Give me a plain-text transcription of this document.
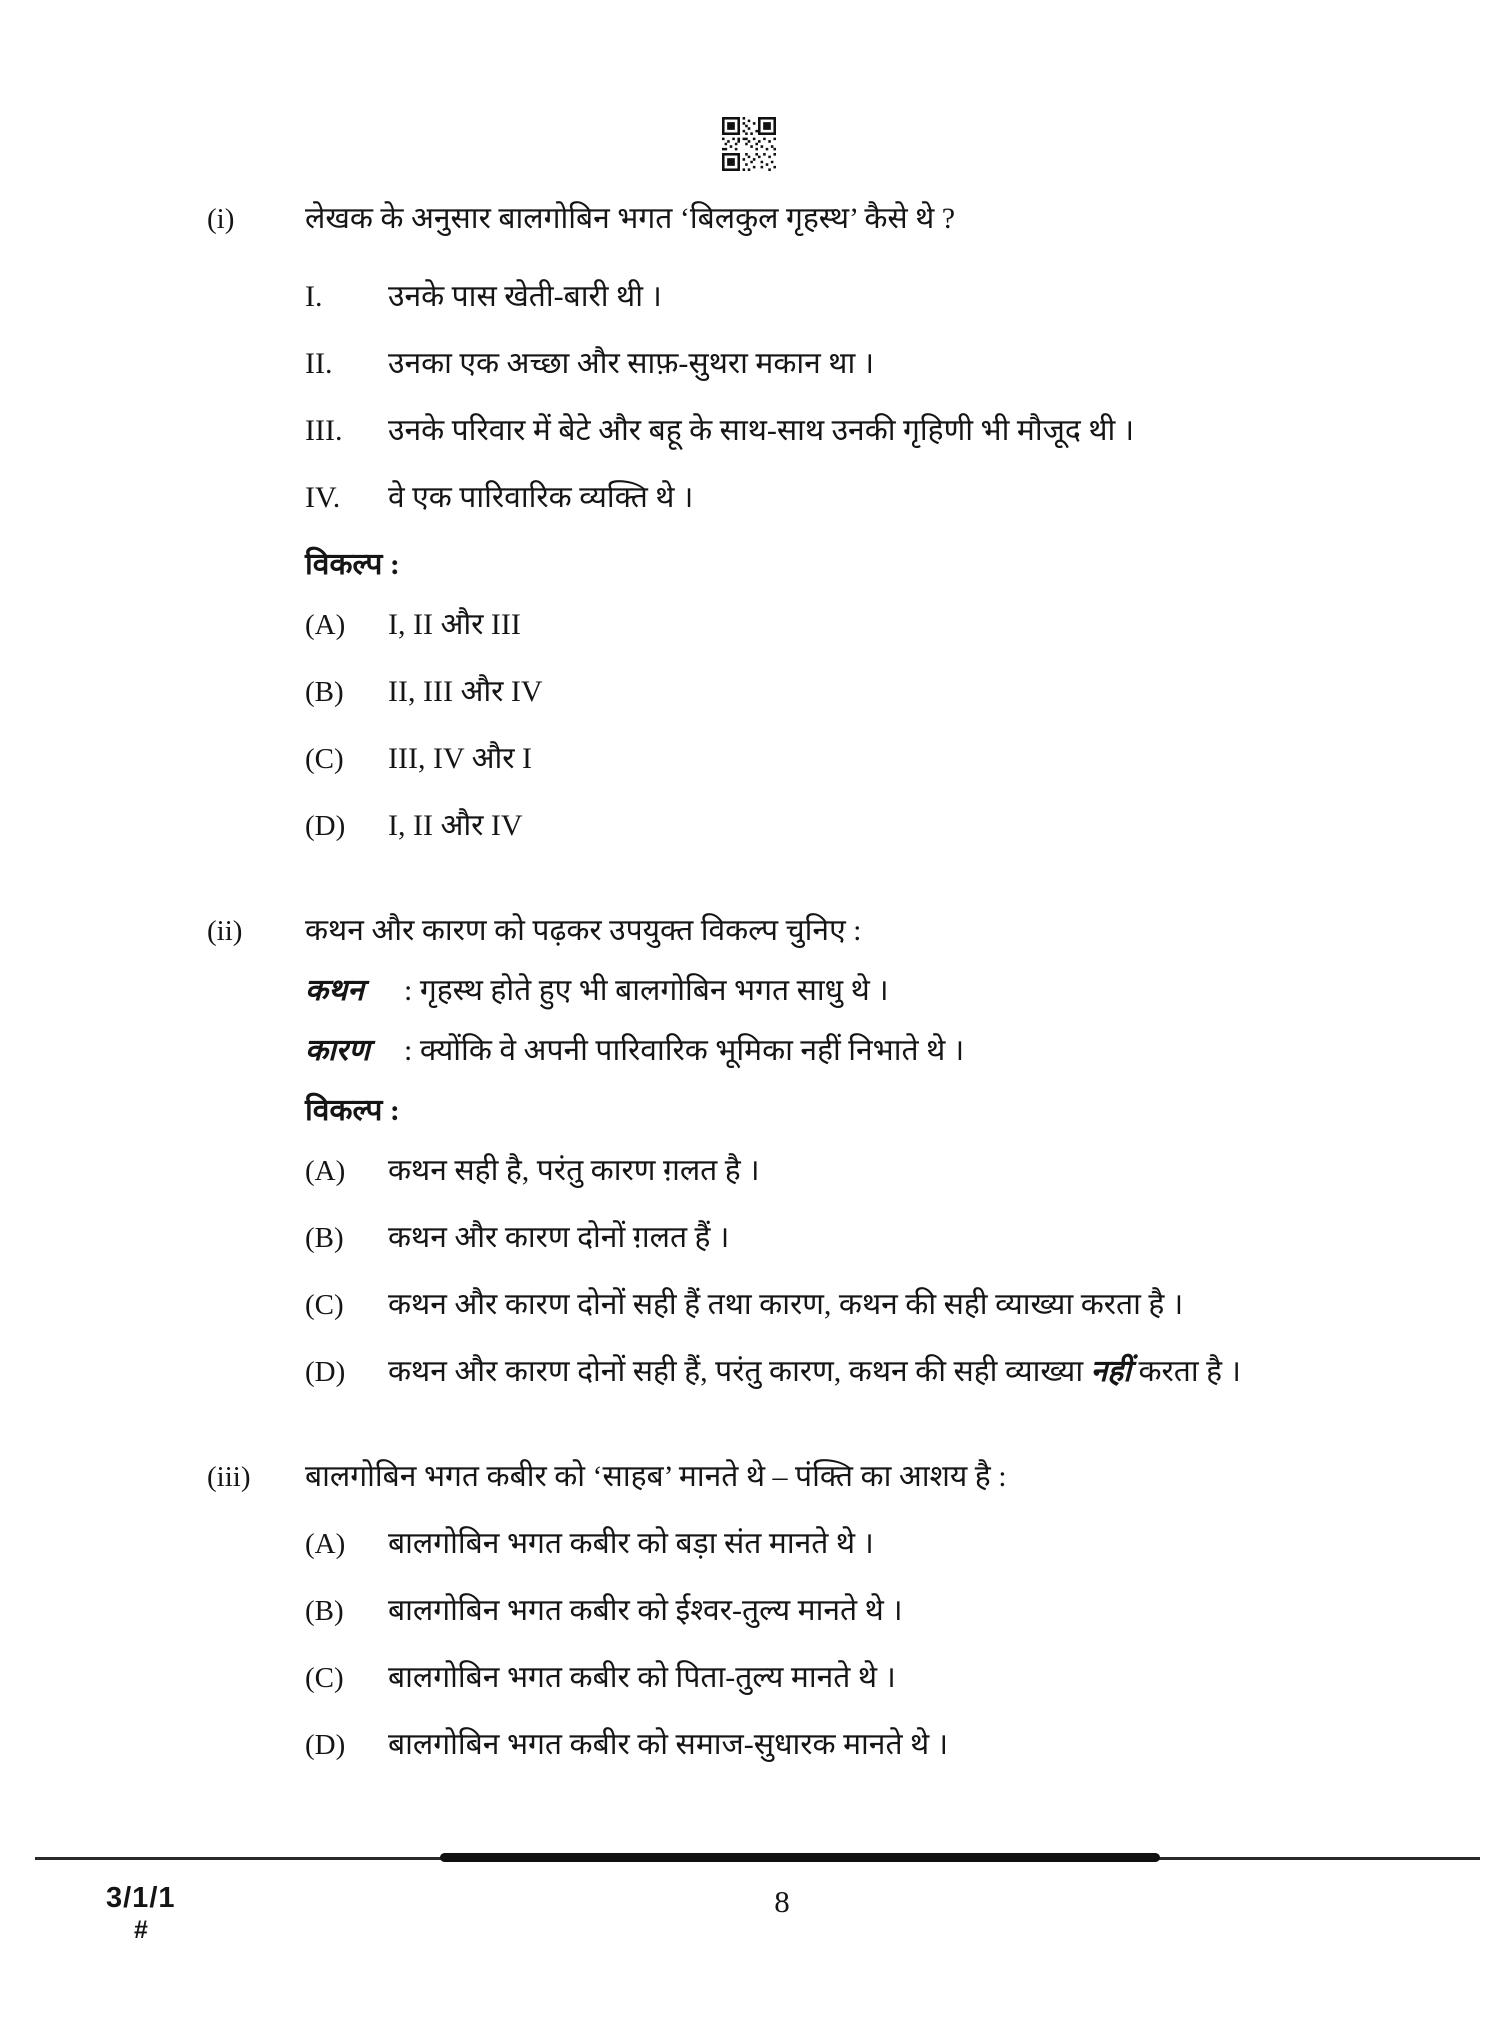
(i)	लेखक के अनुसार बालगोबिन भगत ‘बिलकुल गृहस्थ’ कैसे थे ?
I.	उनके पास खेती-बारी थी ।
II.	उनका एक अच्छा और साफ़-सुथरा मकान था ।
III.	उनके परिवार में बेटे और बहू के साथ-साथ उनकी गृहिणी भी मौजूद थी ।
IV.	वे एक पारिवारिक व्यक्ति थे ।
विकल्प :
(A)	I, II और III
(B)	II, III और IV
(C)	III, IV और I
(D)	I, II और IV
(ii)	कथन और कारण को पढ़कर उपयुक्त विकल्प चुनिए :
कथन	: गृहस्थ होते हुए भी बालगोबिन भगत साधु थे ।
कारण	: क्योंकि वे अपनी पारिवारिक भूमिका नहीं निभाते थे ।
विकल्प :
(A)	कथन सही है, परंतु कारण ग़लत है ।
(B)	कथन और कारण दोनों ग़लत हैं ।
(C)	कथन और कारण दोनों सही हैं तथा कारण, कथन की सही व्याख्या करता है ।
(D)	कथन और कारण दोनों सही हैं, परंतु कारण, कथन की सही व्याख्या नहीं करता है ।
(iii)	बालगोबिन भगत कबीर को ‘साहब’ मानते थे – पंक्ति का आशय है :
(A)	बालगोबिन भगत कबीर को बड़ा संत मानते थे ।
(B)	बालगोबिन भगत कबीर को ईश्वर-तुल्य मानते थे ।
(C)	बालगोबिन भगत कबीर को पिता-तुल्य मानते थे ।
(D)	बालगोबिन भगत कबीर को समाज-सुधारक मानते थे ।
3/1/1
#
8
